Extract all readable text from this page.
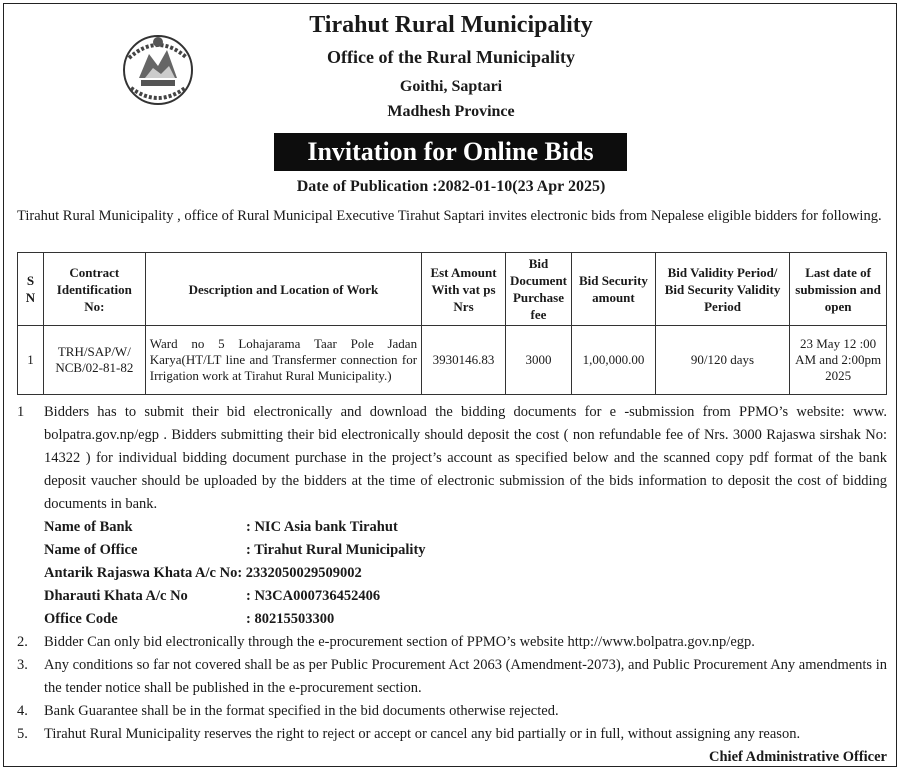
Tirahut Rural Municipality
Office of the Rural Municipality
Goithi, Saptari
Madhesh Province
Invitation for Online Bids
Date of Publication :2082-01-10(23 Apr 2025)
Tirahut Rural Municipality , office of Rural Municipal Executive Tirahut Saptari invites electronic bids from Nepalese eligible bidders for following.
S N	Contract Identification No:	Description and Location of Work	Est Amount With vat ps Nrs	Bid Document Purchase fee	Bid Security amount	Bid Validity Period/ Bid Security Validity Period	Last date of submission and open
1	TRH/SAP/W/ NCB/02-81-82	Ward no 5 Lohajarama Taar Pole Jadan Karya(HT/LT line and Transfermer connection for Irrigation work at Tirahut Rural Municipality.)	3930146.83	3000	1,00,000.00	90/120 days	23 May 12 :00 AM and 2:00pm 2025
1 Bidders has to submit their bid electronically and download the bidding documents for e -submission from PPMO’s website: www. bolpatra.gov.np/egp . Bidders submitting their bid electronically should deposit the cost ( non refundable fee of Nrs. 3000 Rajaswa sirshak No: 14322 ) for individual bidding document purchase in the project’s account as specified below and the scanned copy pdf format of the bank deposit vaucher should be uploaded by the bidders at the time of electronic submission of the bids information to deposit the cost of bidding documents in bank.
Name of Bank	: NIC Asia bank Tirahut
Name of Office	: Tirahut Rural Municipality
Antarik Rajaswa Khata A/c No: 2332050029509002
Dharauti Khata A/c No	: N3CA000736452406
Office Code	: 80215503300
2. Bidder Can only bid electronically through the e-procurement section of PPMO’s website http://www.bolpatra.gov.np/egp.
3. Any conditions so far not covered shall be as per Public Procurement Act 2063 (Amendment-2073), and Public Procurement Any amendments in the tender notice shall be published in the e-procurement section.
4. Bank Guarantee shall be in the format specified in the bid documents otherwise rejected.
5. Tirahut Rural Municipality reserves the right to reject or accept or cancel any bid partially or in full, without assigning any reason.
Chief Administrative Officer
